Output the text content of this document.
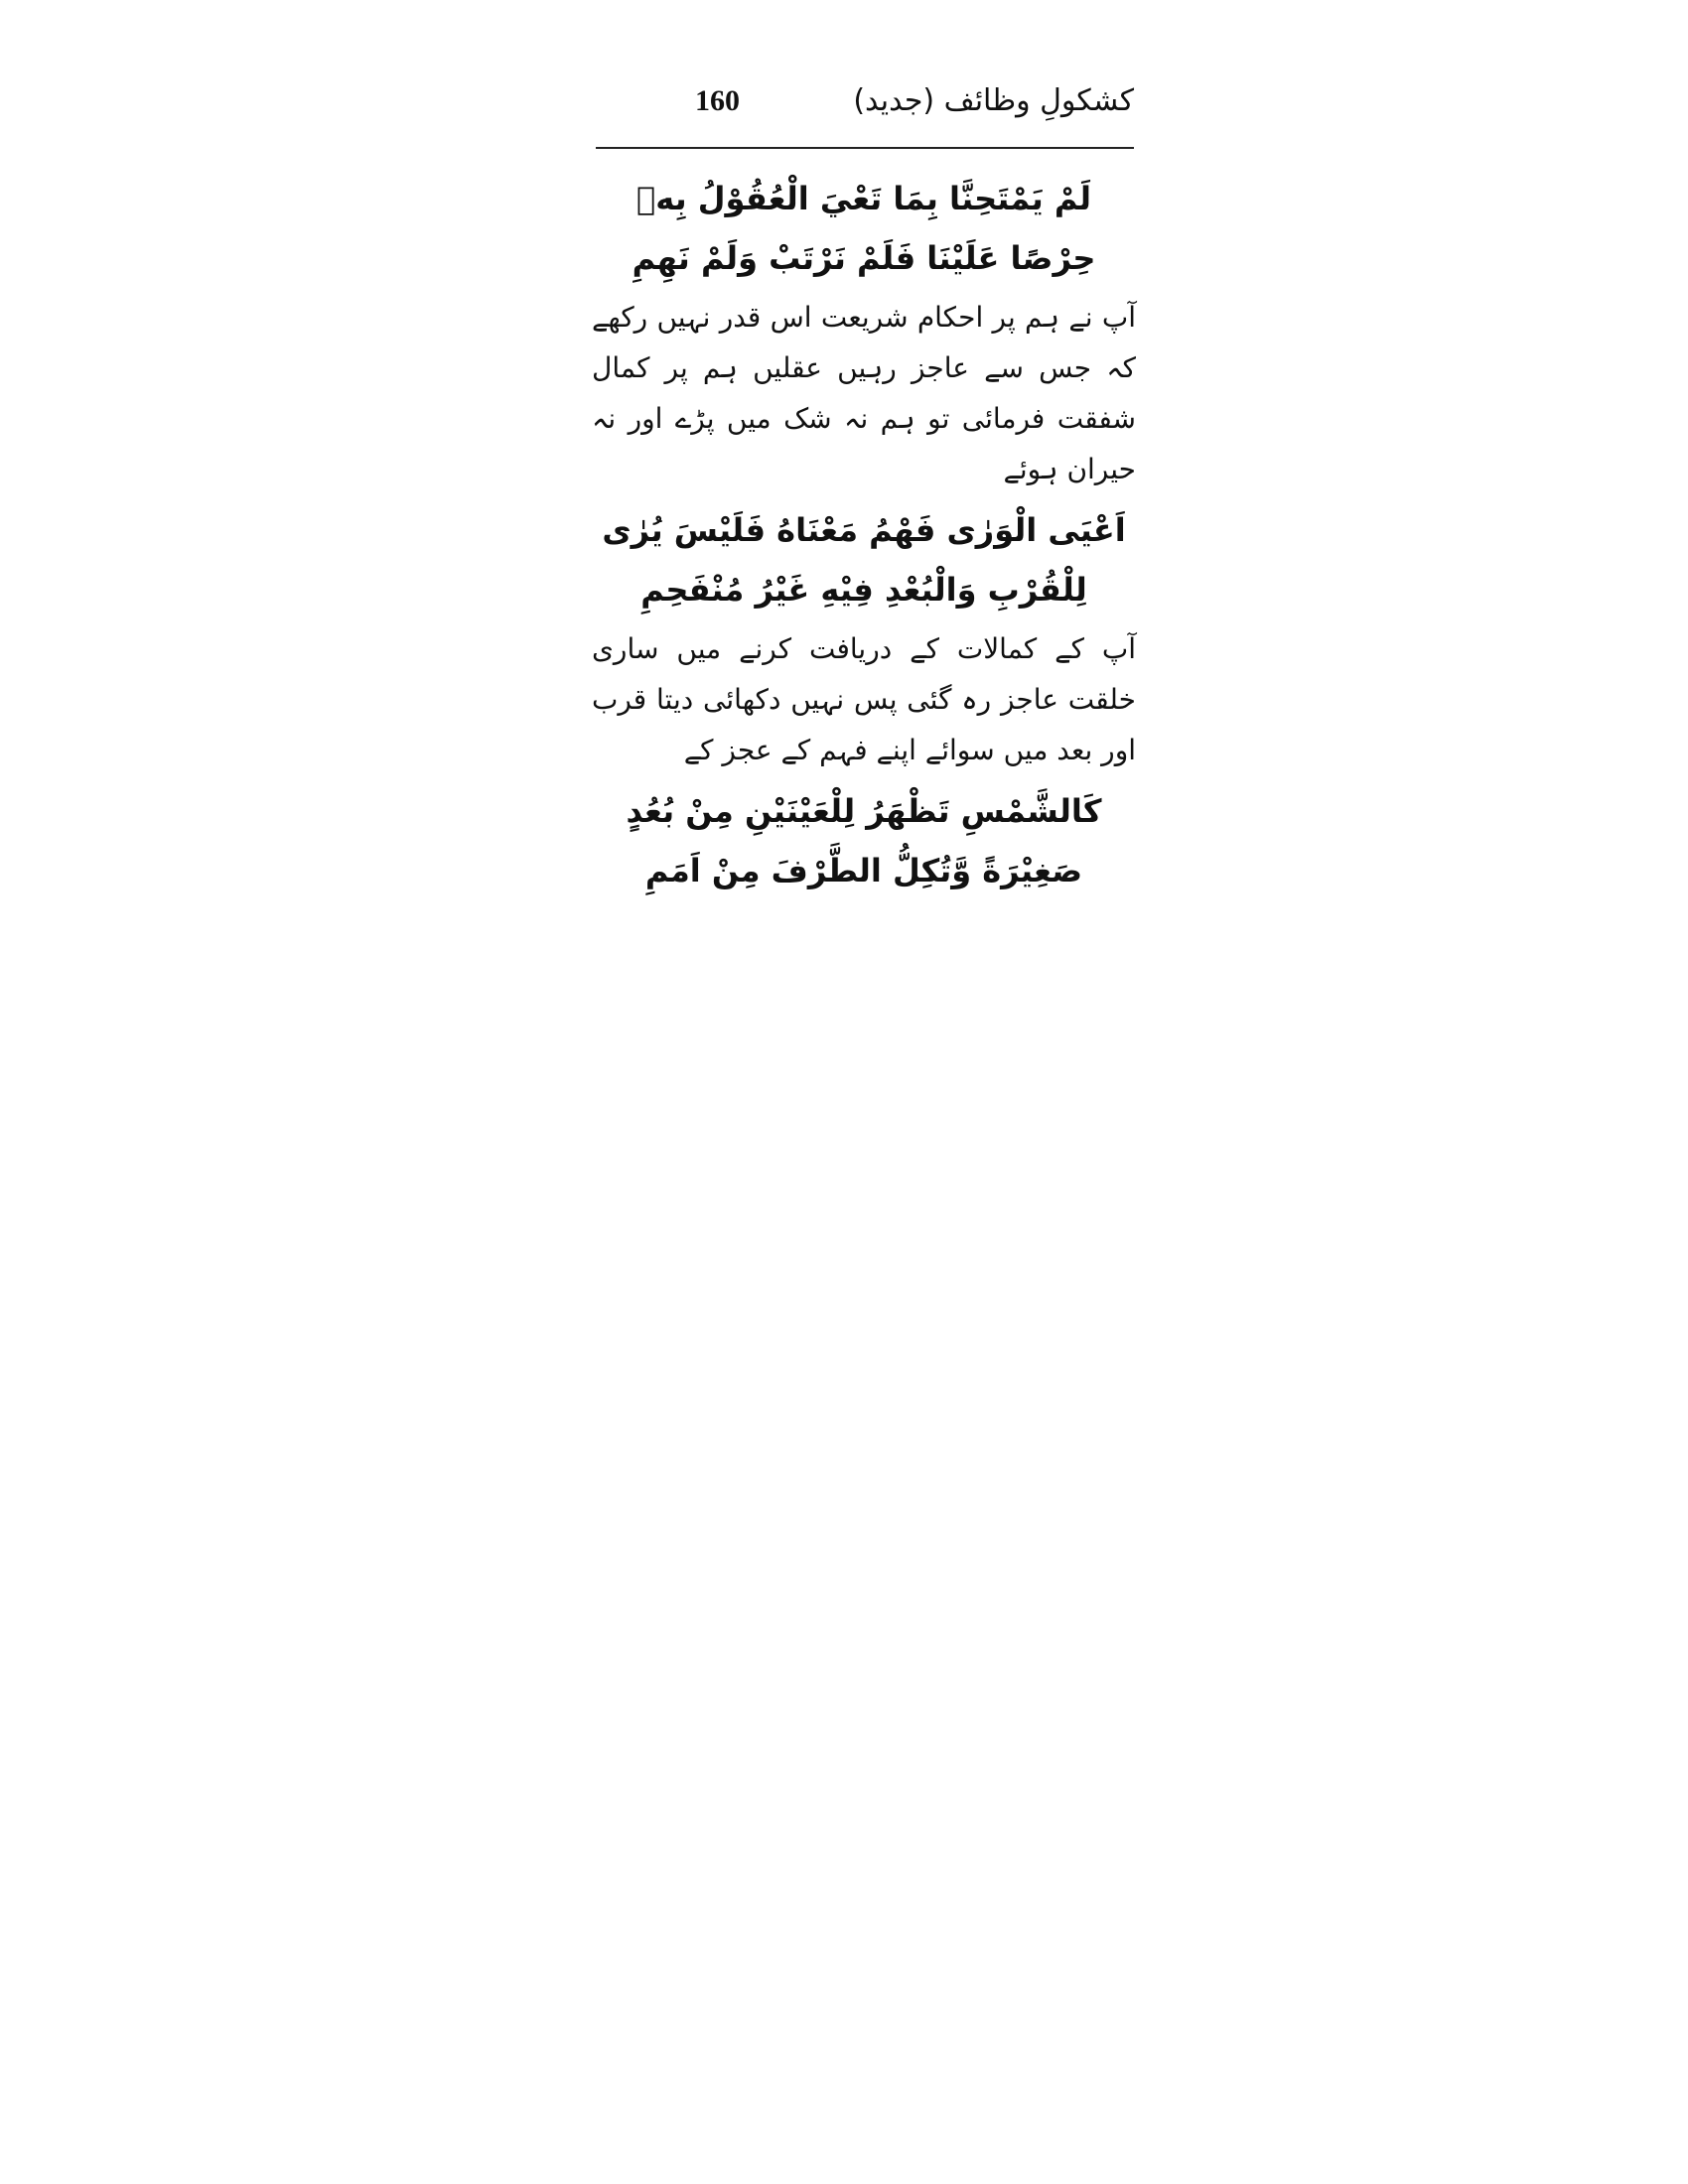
160	کشکولِ وظائف (جدید)

لَمْ يَمْتَحِنَّا بِمَا تَعْيَ الْعُقُوْلُ بِهٖ

حِرْصًا عَلَيْنَا فَلَمْ نَرْتَبْ وَلَمْ نَهِمِ

آپ نے ہم پر احکام شریعت اس قدر نہیں رکھے کہ جس سے عاجز رہیں عقلیں ہم پر کمال شفقت فرمائی تو ہم نہ شک میں پڑے اور نہ حیران ہوئے

اَعْيَى الْوَرٰى فَهْمُ مَعْنَاهُ فَلَيْسَ يُرٰى

لِلْقُرْبِ وَالْبُعْدِ فِيْهِ غَيْرُ مُنْفَحِمِ

آپ کے کمالات کے دریافت کرنے میں ساری خلقت عاجز رہ گئی پس نہیں دکھائی دیتا قرب اور بعد میں سوائے اپنے فہم کے عجز کے

كَالشَّمْسِ تَظْهَرُ لِلْعَيْنَيْنِ مِنْ بُعُدٍ

صَغِيْرَةً وَّتُكِلُّ الطَّرْفَ مِنْ اَمَمِ
